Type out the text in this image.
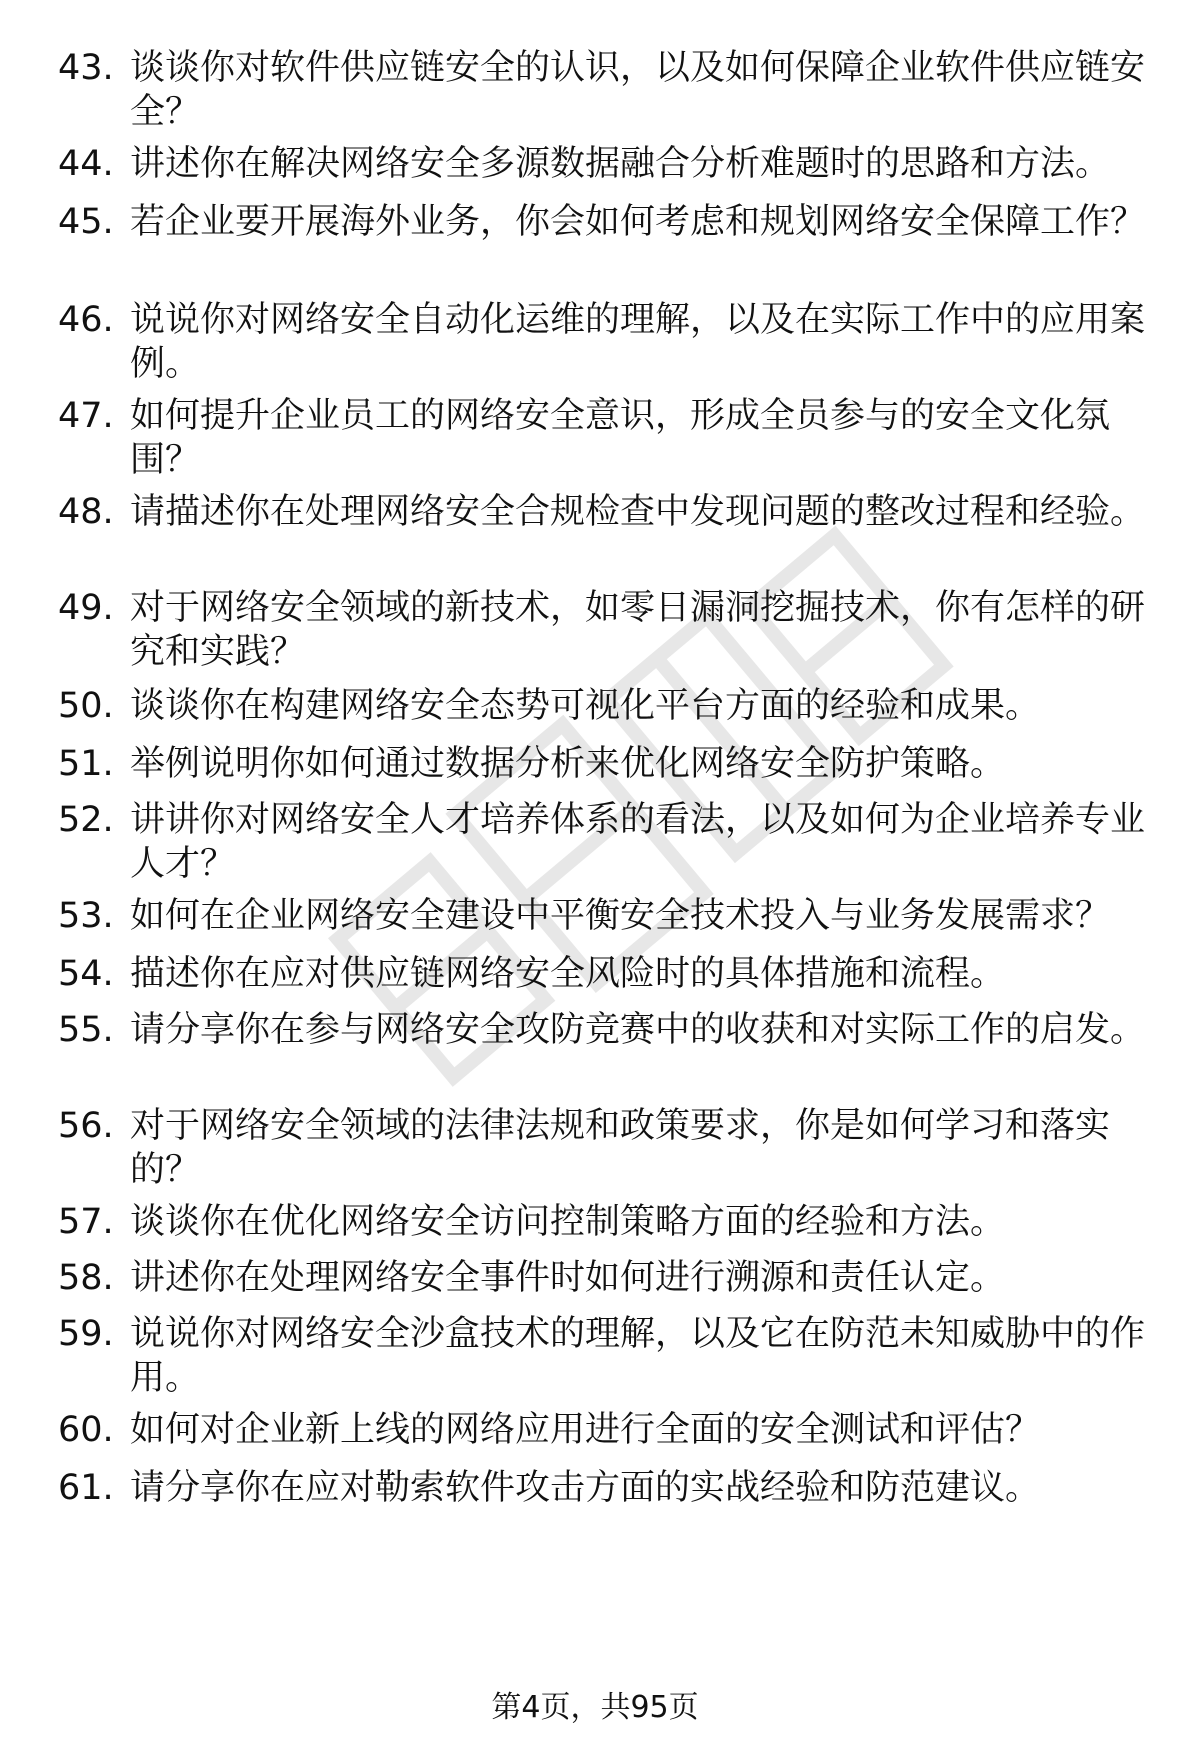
43. 谈谈你对软件供应链安全的认识，以及如何保障企业软件供应链安全？
44. 讲述你在解决网络安全多源数据融合分析难题时的思路和方法。
45. 若企业要开展海外业务，你会如何考虑和规划网络安全保障工作？
46. 说说你对网络安全自动化运维的理解，以及在实际工作中的应用案例。
47. 如何提升企业员工的网络安全意识，形成全员参与的安全文化氛围？
48. 请描述你在处理网络安全合规检查中发现问题的整改过程和经验。
49. 对于网络安全领域的新技术，如零日漏洞挖掘技术，你有怎样的研究和实践？
50. 谈谈你在构建网络安全态势可视化平台方面的经验和成果。
51. 举例说明你如何通过数据分析来优化网络安全防护策略。
52. 讲讲你对网络安全人才培养体系的看法，以及如何为企业培养专业人才？
53. 如何在企业网络安全建设中平衡安全技术投入与业务发展需求？
54. 描述你在应对供应链网络安全风险时的具体措施和流程。
55. 请分享你在参与网络安全攻防竞赛中的收获和对实际工作的启发。
56. 对于网络安全领域的法律法规和政策要求，你是如何学习和落实的？
57. 谈谈你在优化网络安全访问控制策略方面的经验和方法。
58. 讲述你在处理网络安全事件时如何进行溯源和责任认定。
59. 说说你对网络安全沙盒技术的理解，以及它在防范未知威胁中的作用。
60. 如何对企业新上线的网络应用进行全面的安全测试和评估？
61. 请分享你在应对勒索软件攻击方面的实战经验和防范建议。
第4页，共95页
